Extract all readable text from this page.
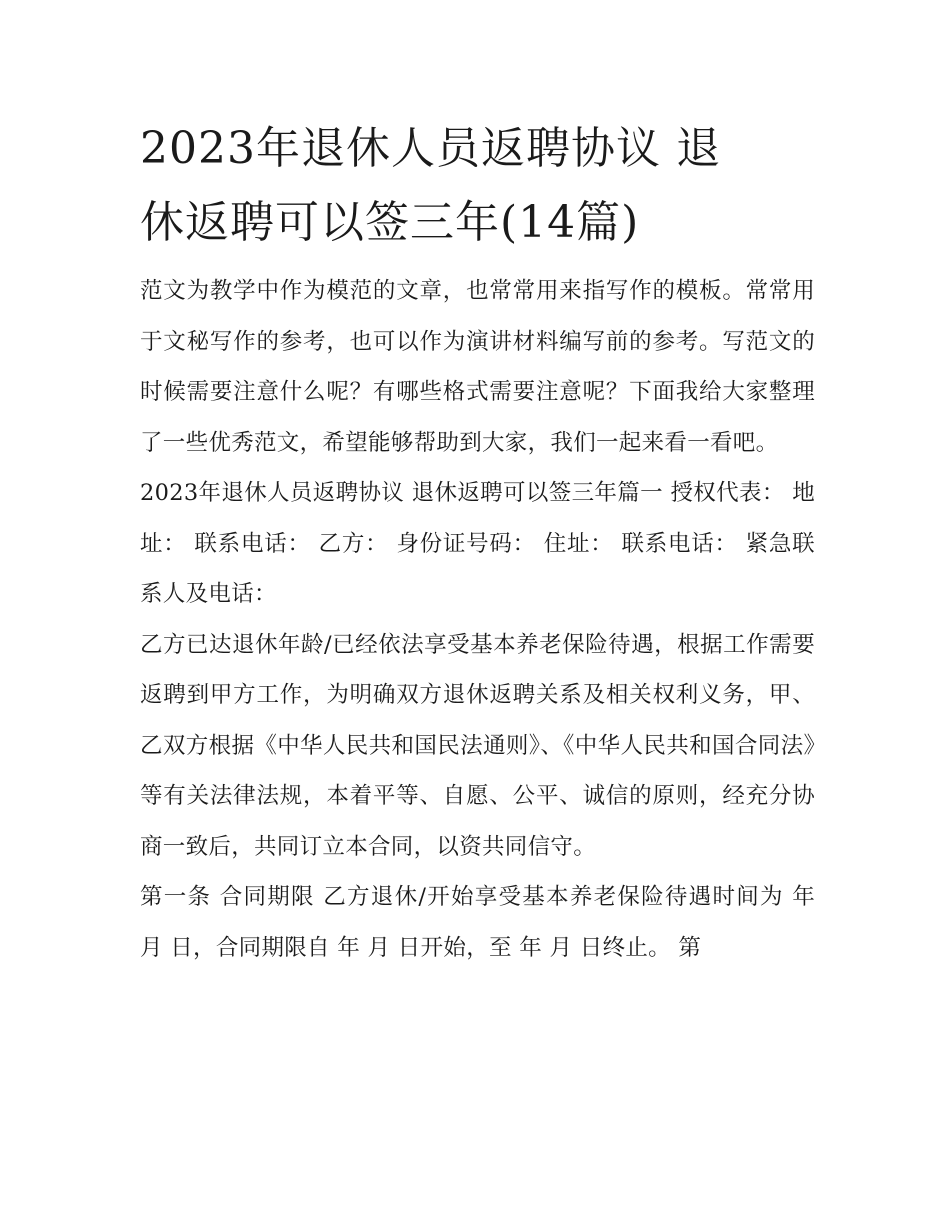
2023年退休人员返聘协议 退
休返聘可以签三年(14篇)

范文为教学中作为模范的文章，也常常用来指写作的模板。常常用于文秘写作的参考，也可以作为演讲材料编写前的参考。写范文的时候需要注意什么呢？有哪些格式需要注意呢？下面我给大家整理了一些优秀范文，希望能够帮助到大家，我们一起来看一看吧。

2023年退休人员返聘协议 退休返聘可以签三年篇一 授权代表： 地址： 联系电话： 乙方： 身份证号码： 住址： 联系电话： 紧急联系人及电话：

乙方已达退休年龄/已经依法享受基本养老保险待遇，根据工作需要返聘到甲方工作，为明确双方退休返聘关系及相关权利义务，甲、乙双方根据《中华人民共和国民法通则》、《中华人民共和国合同法》等有关法律法规，本着平等、自愿、公平、诚信的原则，经充分协商一致后，共同订立本合同，以资共同信守。

第一条 合同期限 乙方退休/开始享受基本养老保险待遇时间为 年 月 日，合同期限自 年 月 日开始，至 年 月 日终止。 第
